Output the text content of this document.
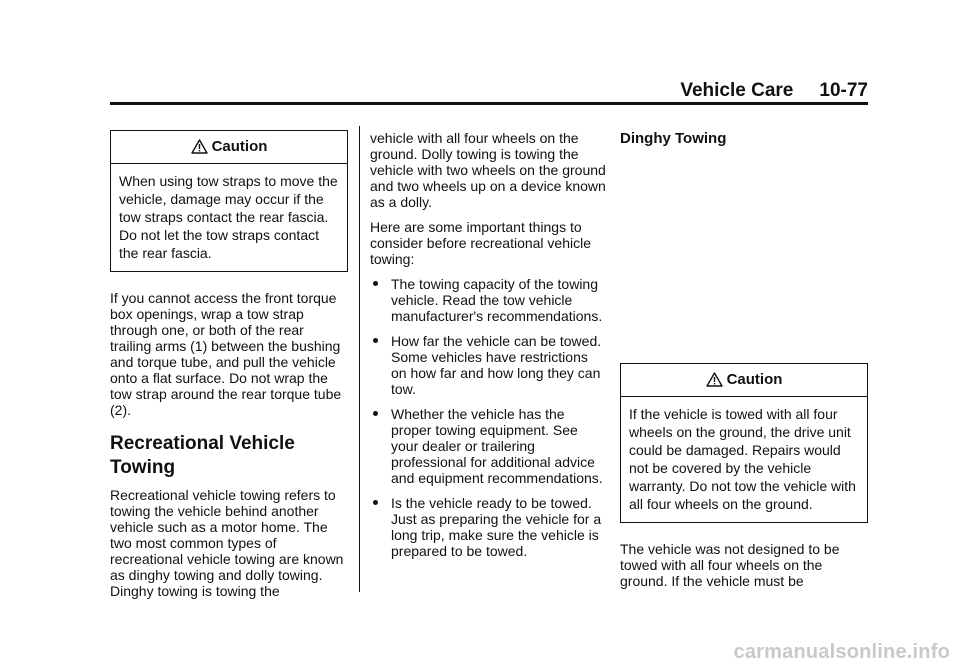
Vehicle Care 10-77
Caution
When using tow straps to move the vehicle, damage may occur if the tow straps contact the rear fascia. Do not let the tow straps contact the rear fascia.

If you cannot access the front torque box openings, wrap a tow strap through one, or both of the rear trailing arms (1) between the bushing and torque tube, and pull the vehicle onto a flat surface. Do not wrap the tow strap around the rear torque tube (2).

Recreational Vehicle Towing

Recreational vehicle towing refers to towing the vehicle behind another vehicle such as a motor home. The two most common types of recreational vehicle towing are known as dinghy towing and dolly towing. Dinghy towing is towing the

vehicle with all four wheels on the ground. Dolly towing is towing the vehicle with two wheels on the ground and two wheels up on a device known as a dolly.

Here are some important things to consider before recreational vehicle towing:

The towing capacity of the towing vehicle. Read the tow vehicle manufacturer's recommendations.
How far the vehicle can be towed. Some vehicles have restrictions on how far and how long they can tow.
Whether the vehicle has the proper towing equipment. See your dealer or trailering professional for additional advice and equipment recommendations.
Is the vehicle ready to be towed. Just as preparing the vehicle for a long trip, make sure the vehicle is prepared to be towed.
Dinghy Towing
Caution
If the vehicle is towed with all four wheels on the ground, the drive unit could be damaged. Repairs would not be covered by the vehicle warranty. Do not tow the vehicle with all four wheels on the ground.

The vehicle was not designed to be towed with all four wheels on the ground. If the vehicle must be

carmanualsonline.info
